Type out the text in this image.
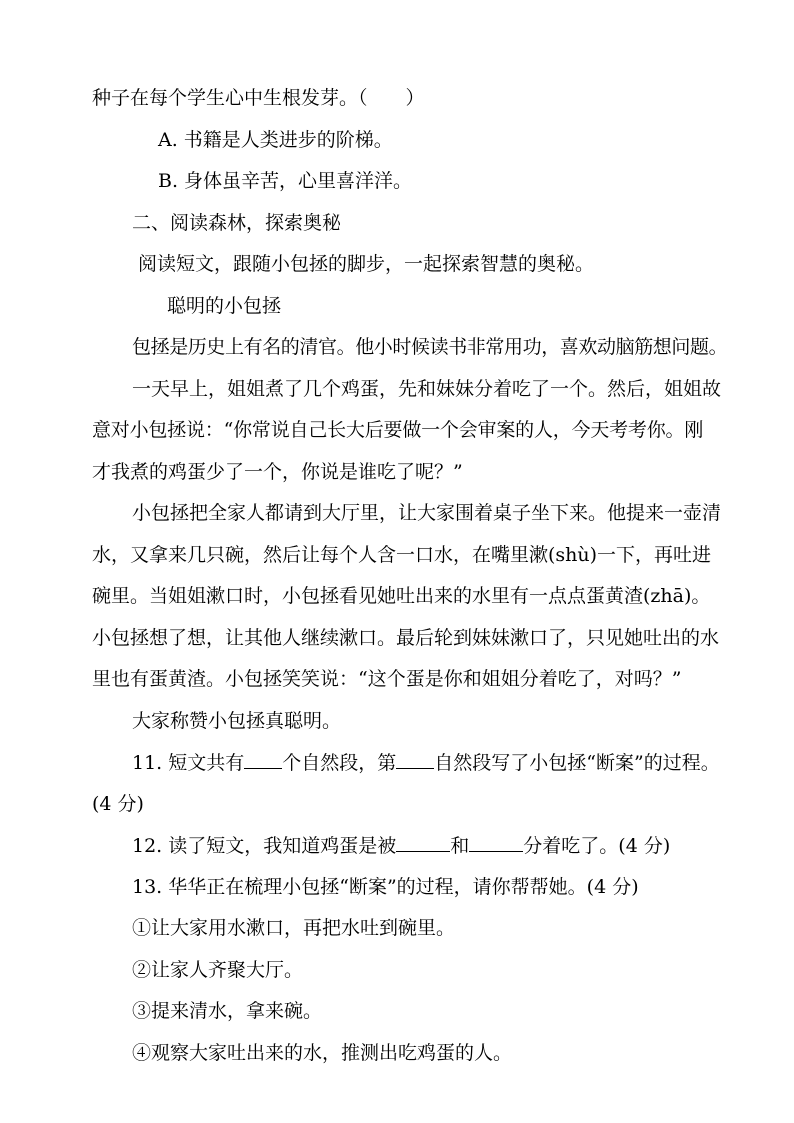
种子在每个学生心中生根发芽。（　　）
A. 书籍是人类进步的阶梯。
B. 身体虽辛苦，心里喜洋洋。
二、阅读森林，探索奥秘
阅读短文，跟随小包拯的脚步，一起探索智慧的奥秘。
聪明的小包拯
包拯是历史上有名的清官。他小时候读书非常用功，喜欢动脑筋想问题。
一天早上，姐姐煮了几个鸡蛋，先和妹妹分着吃了一个。然后，姐姐故
意对小包拯说：“你常说自己长大后要做一个会审案的人，今天考考你。刚
才我煮的鸡蛋少了一个，你说是谁吃了呢？”
小包拯把全家人都请到大厅里，让大家围着桌子坐下来。他提来一壶清
水，又拿来几只碗，然后让每个人含一口水，在嘴里漱(shù)一下，再吐进
碗里。当姐姐漱口时，小包拯看见她吐出来的水里有一点点蛋黄渣(zhā)。
小包拯想了想，让其他人继续漱口。最后轮到妹妹漱口了，只见她吐出的水
里也有蛋黄渣。小包拯笑笑说：“这个蛋是你和姐姐分着吃了，对吗？”
大家称赞小包拯真聪明。
11. 短文共有 个自然段，第 自然段写了小包拯“断案”的过程。
(4 分)
12. 读了短文，我知道鸡蛋是被	和	分着吃了。(4 分)
13. 华华正在梳理小包拯“断案”的过程，请你帮帮她。(4 分)
①让大家用水漱口，再把水吐到碗里。
②让家人齐聚大厅。
③提来清水，拿来碗。
④观察大家吐出来的水，推测出吃鸡蛋的人。
